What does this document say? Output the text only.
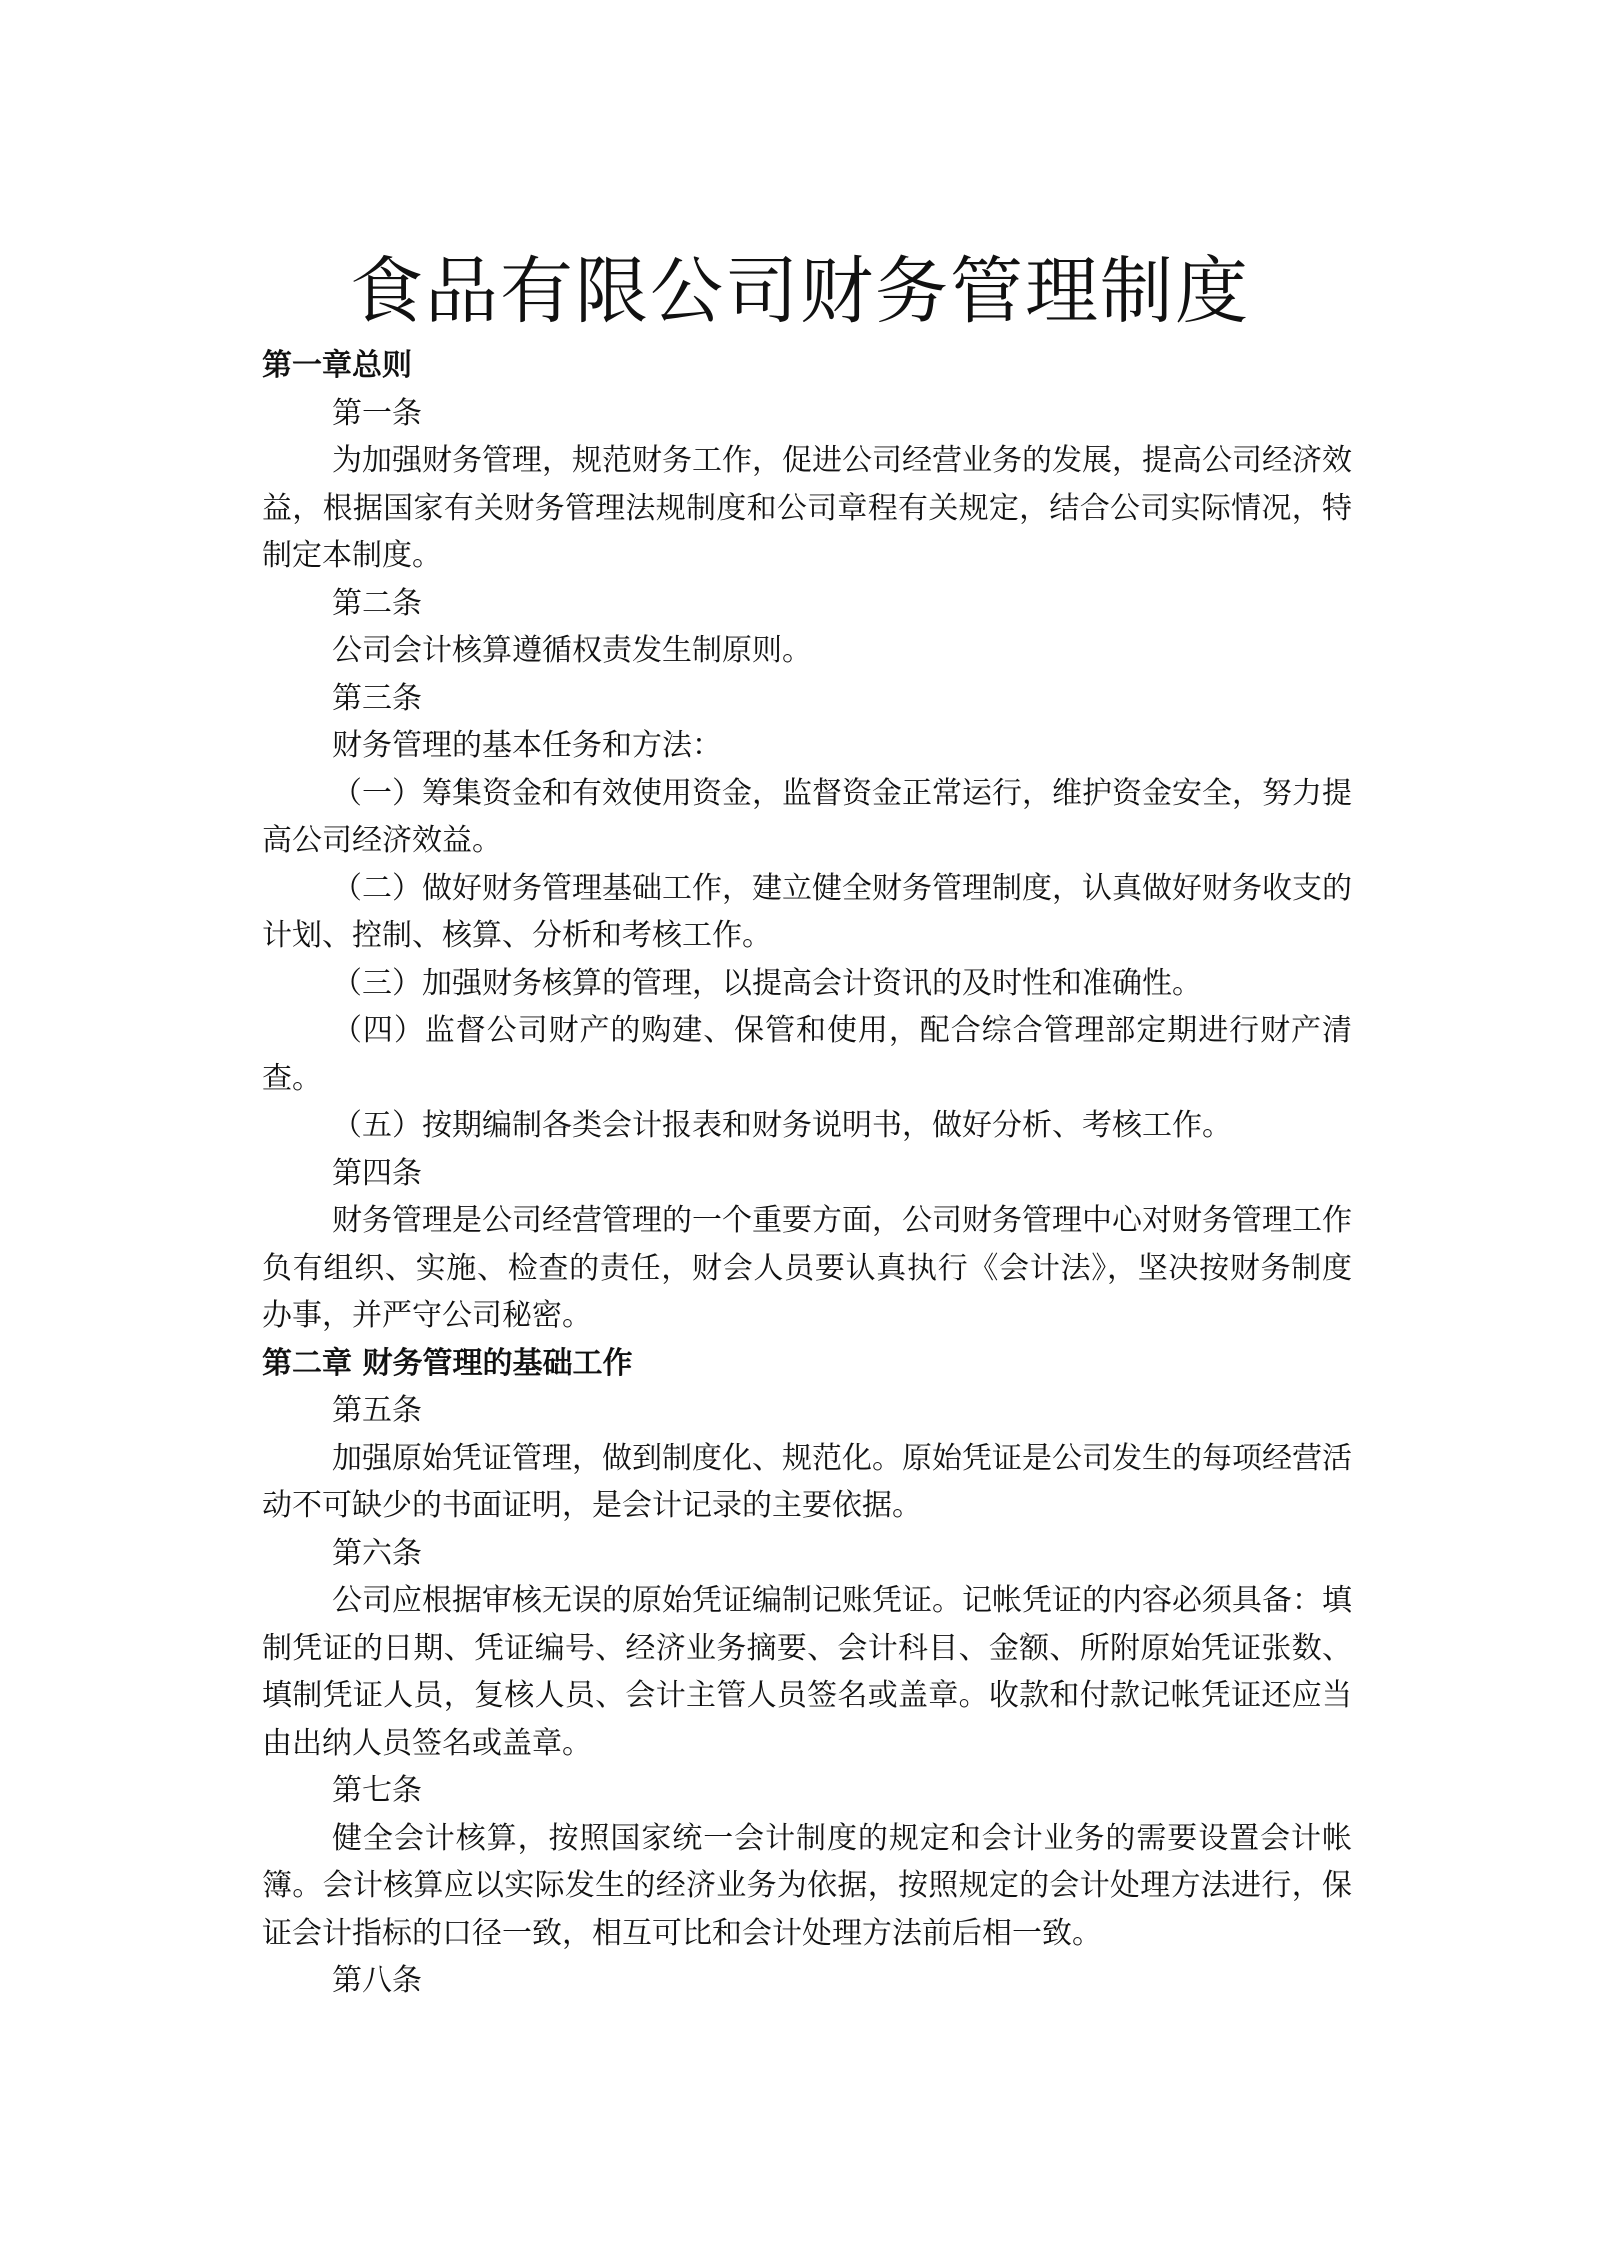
食品有限公司财务管理制度

第一章总则

第一条

为加强财务管理，规范财务工作，促进公司经营业务的发展，提高公司经济效益，根据国家有关财务管理法规制度和公司章程有关规定，结合公司实际情况，特制定本制度。

第二条

公司会计核算遵循权责发生制原则。

第三条

财务管理的基本任务和方法：

（一）筹集资金和有效使用资金，监督资金正常运行，维护资金安全，努力提高公司经济效益。

（二）做好财务管理基础工作，建立健全财务管理制度，认真做好财务收支的计划、控制、核算、分析和考核工作。

（三）加强财务核算的管理，以提高会计资讯的及时性和准确性。

（四）监督公司财产的购建、保管和使用，配合综合管理部定期进行财产清查。

（五）按期编制各类会计报表和财务说明书，做好分析、考核工作。

第四条

财务管理是公司经营管理的一个重要方面，公司财务管理中心对财务管理工作负有组织、实施、检查的责任，财会人员要认真执行《会计法》，坚决按财务制度办事，并严守公司秘密。

第二章 财务管理的基础工作

第五条

加强原始凭证管理，做到制度化、规范化。原始凭证是公司发生的每项经营活动不可缺少的书面证明，是会计记录的主要依据。

第六条

公司应根据审核无误的原始凭证编制记账凭证。记帐凭证的内容必须具备：填制凭证的日期、凭证编号、经济业务摘要、会计科目、金额、所附原始凭证张数、填制凭证人员，复核人员、会计主管人员签名或盖章。收款和付款记帐凭证还应当由出纳人员签名或盖章。

第七条

健全会计核算，按照国家统一会计制度的规定和会计业务的需要设置会计帐簿。会计核算应以实际发生的经济业务为依据，按照规定的会计处理方法进行，保证会计指标的口径一致，相互可比和会计处理方法前后相一致。

第八条
